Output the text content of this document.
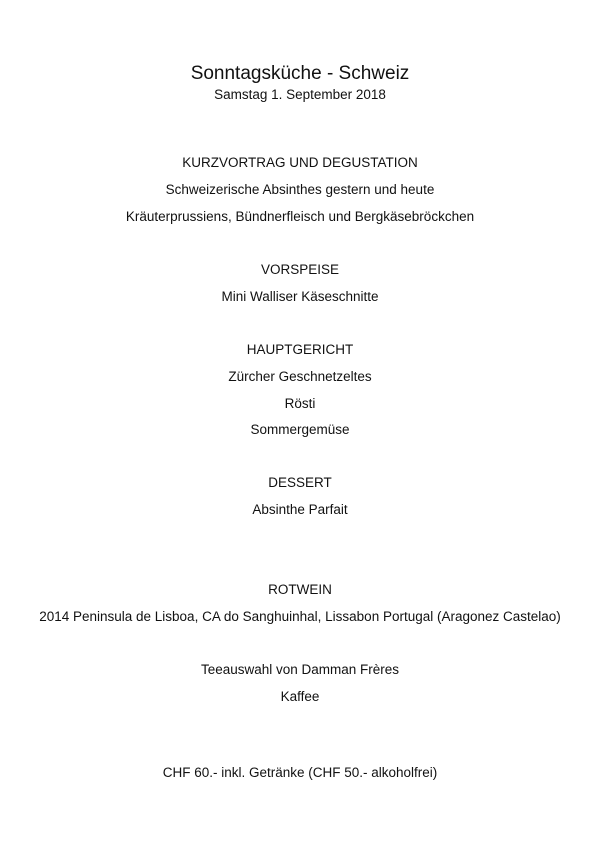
Sonntagsküche - Schweiz
Samstag 1. September 2018
KURZVORTRAG UND DEGUSTATION
Schweizerische Absinthes gestern und heute
Kräuterprussiens, Bündnerfleisch und Bergkäsebröckchen
VORSPEISE
Mini Walliser Käseschnitte
HAUPTGERICHT
Zürcher Geschnetzeltes
Rösti
Sommergemüse
DESSERT
Absinthe Parfait
ROTWEIN
2014 Peninsula de Lisboa, CA do Sanghuinhal, Lissabon Portugal (Aragonez Castelao)
Teeauswahl von Damman Frères
Kaffee
CHF 60.- inkl. Getränke (CHF 50.- alkoholfrei)
